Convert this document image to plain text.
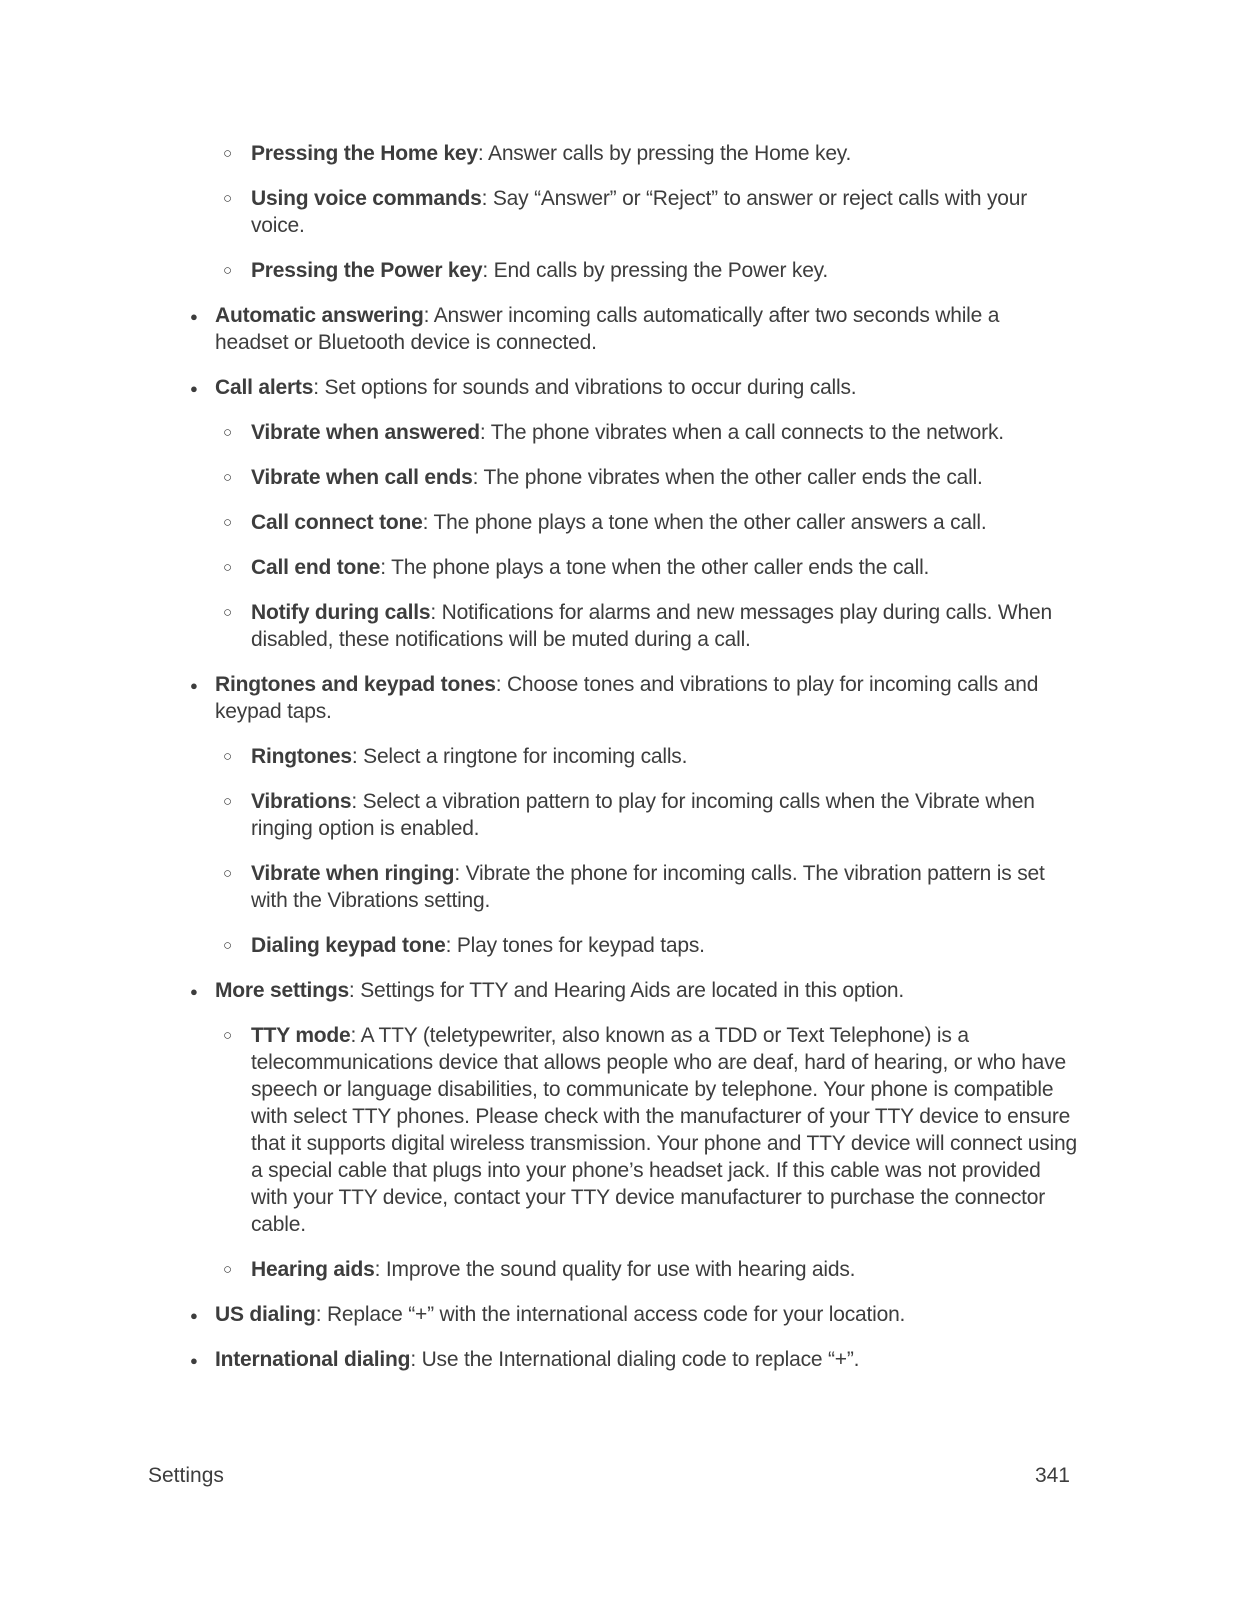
○ Pressing the Home key: Answer calls by pressing the Home key.
○ Using voice commands: Say “Answer” or “Reject” to answer or reject calls with your voice.
○ Pressing the Power key: End calls by pressing the Power key.
● Automatic answering: Answer incoming calls automatically after two seconds while a headset or Bluetooth device is connected.
● Call alerts: Set options for sounds and vibrations to occur during calls.
○ Vibrate when answered: The phone vibrates when a call connects to the network.
○ Vibrate when call ends: The phone vibrates when the other caller ends the call.
○ Call connect tone: The phone plays a tone when the other caller answers a call.
○ Call end tone: The phone plays a tone when the other caller ends the call.
○ Notify during calls: Notifications for alarms and new messages play during calls. When disabled, these notifications will be muted during a call.
● Ringtones and keypad tones: Choose tones and vibrations to play for incoming calls and keypad taps.
○ Ringtones: Select a ringtone for incoming calls.
○ Vibrations: Select a vibration pattern to play for incoming calls when the Vibrate when ringing option is enabled.
○ Vibrate when ringing: Vibrate the phone for incoming calls. The vibration pattern is set with the Vibrations setting.
○ Dialing keypad tone: Play tones for keypad taps.
● More settings: Settings for TTY and Hearing Aids are located in this option.
○ TTY mode: A TTY (teletypewriter, also known as a TDD or Text Telephone) is a telecommunications device that allows people who are deaf, hard of hearing, or who have speech or language disabilities, to communicate by telephone. Your phone is compatible with select TTY phones. Please check with the manufacturer of your TTY device to ensure that it supports digital wireless transmission. Your phone and TTY device will connect using a special cable that plugs into your phone’s headset jack. If this cable was not provided with your TTY device, contact your TTY device manufacturer to purchase the connector cable.
○ Hearing aids: Improve the sound quality for use with hearing aids.
● US dialing: Replace “+” with the international access code for your location.
● International dialing: Use the International dialing code to replace “+”.
Settings	341
